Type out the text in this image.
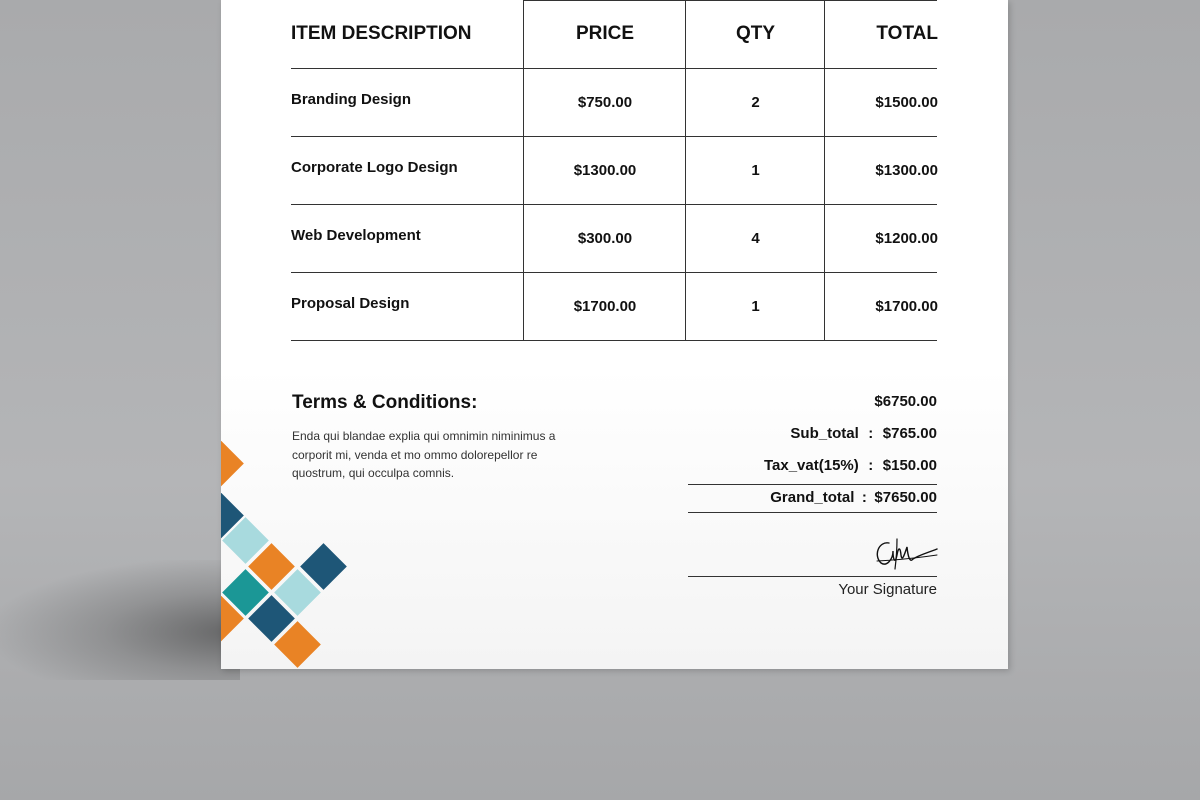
ITEM DESCRIPTION	PRICE	QTY	TOTAL
Branding Design	$750.00	2	$1500.00
Corporate Logo Design	$1300.00	1	$1300.00
Web Development	$300.00	4	$1200.00
Proposal Design	$1700.00	1	$1700.00
Terms & Conditions:
Enda qui blandae explia qui omnimin niminimus a corporit mi, venda et mo ommo dolorepellor re quostrum, qui occulpa comnis.
$6750.00
Sub_total : $765.00
Tax_vat(15%) : $150.00
Grand_total : $7650.00
Your Signature
